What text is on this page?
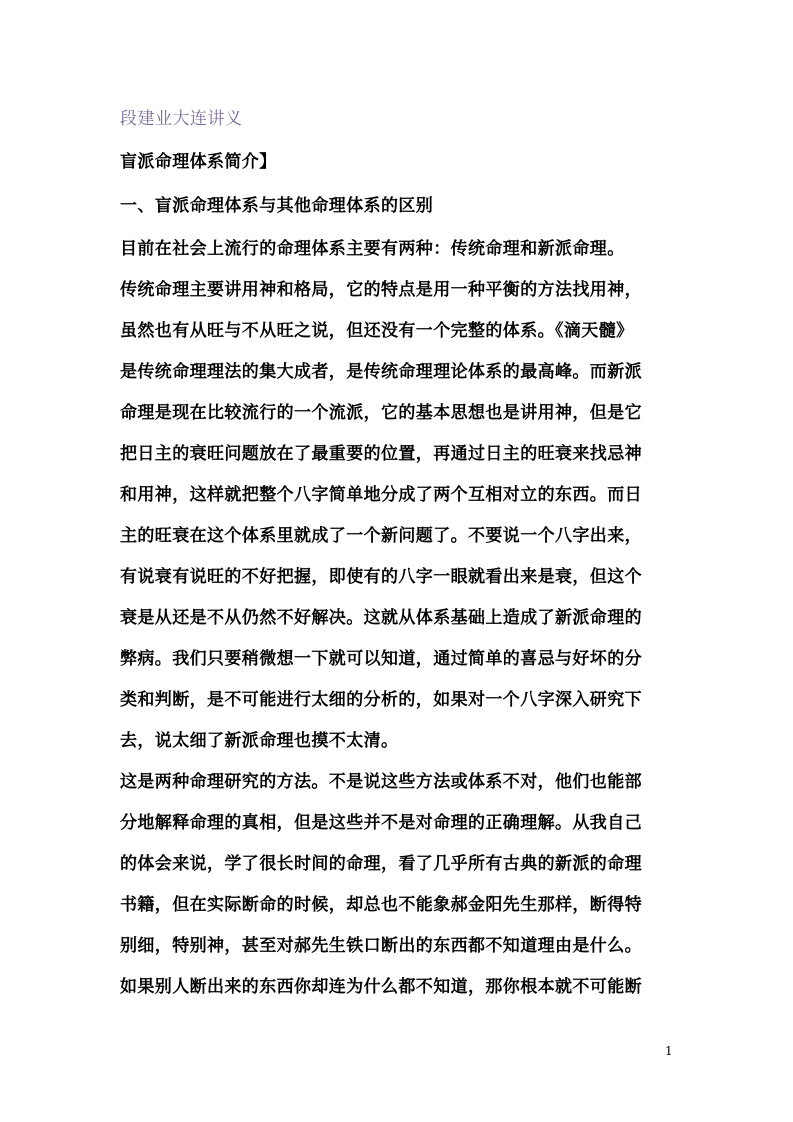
段建业大连讲义
盲派命理体系简介】
一、盲派命理体系与其他命理体系的区别
目前在社会上流行的命理体系主要有两种：传统命理和新派命理。
传统命理主要讲用神和格局，它的特点是用一种平衡的方法找用神，
虽然也有从旺与不从旺之说，但还没有一个完整的体系。《滴天髓》
是传统命理理法的集大成者，是传统命理理论体系的最高峰。而新派
命理是现在比较流行的一个流派，它的基本思想也是讲用神，但是它
把日主的衰旺问题放在了最重要的位置，再通过日主的旺衰来找忌神
和用神，这样就把整个八字简单地分成了两个互相对立的东西。而日
主的旺衰在这个体系里就成了一个新问题了。不要说一个八字出来，
有说衰有说旺的不好把握，即使有的八字一眼就看出来是衰，但这个
衰是从还是不从仍然不好解决。这就从体系基础上造成了新派命理的
弊病。我们只要稍微想一下就可以知道，通过简单的喜忌与好坏的分
类和判断，是不可能进行太细的分析的，如果对一个八字深入研究下
去，说太细了新派命理也摸不太清。
这是两种命理研究的方法。不是说这些方法或体系不对，他们也能部
分地解释命理的真相，但是这些并不是对命理的正确理解。从我自己
的体会来说，学了很长时间的命理，看了几乎所有古典的新派的命理
书籍，但在实际断命的时候，却总也不能象郝金阳先生那样，断得特
别细，特别神，甚至对郝先生铁口断出的东西都不知道理由是什么。
如果别人断出来的东西你却连为什么都不知道，那你根本就不可能断
1
